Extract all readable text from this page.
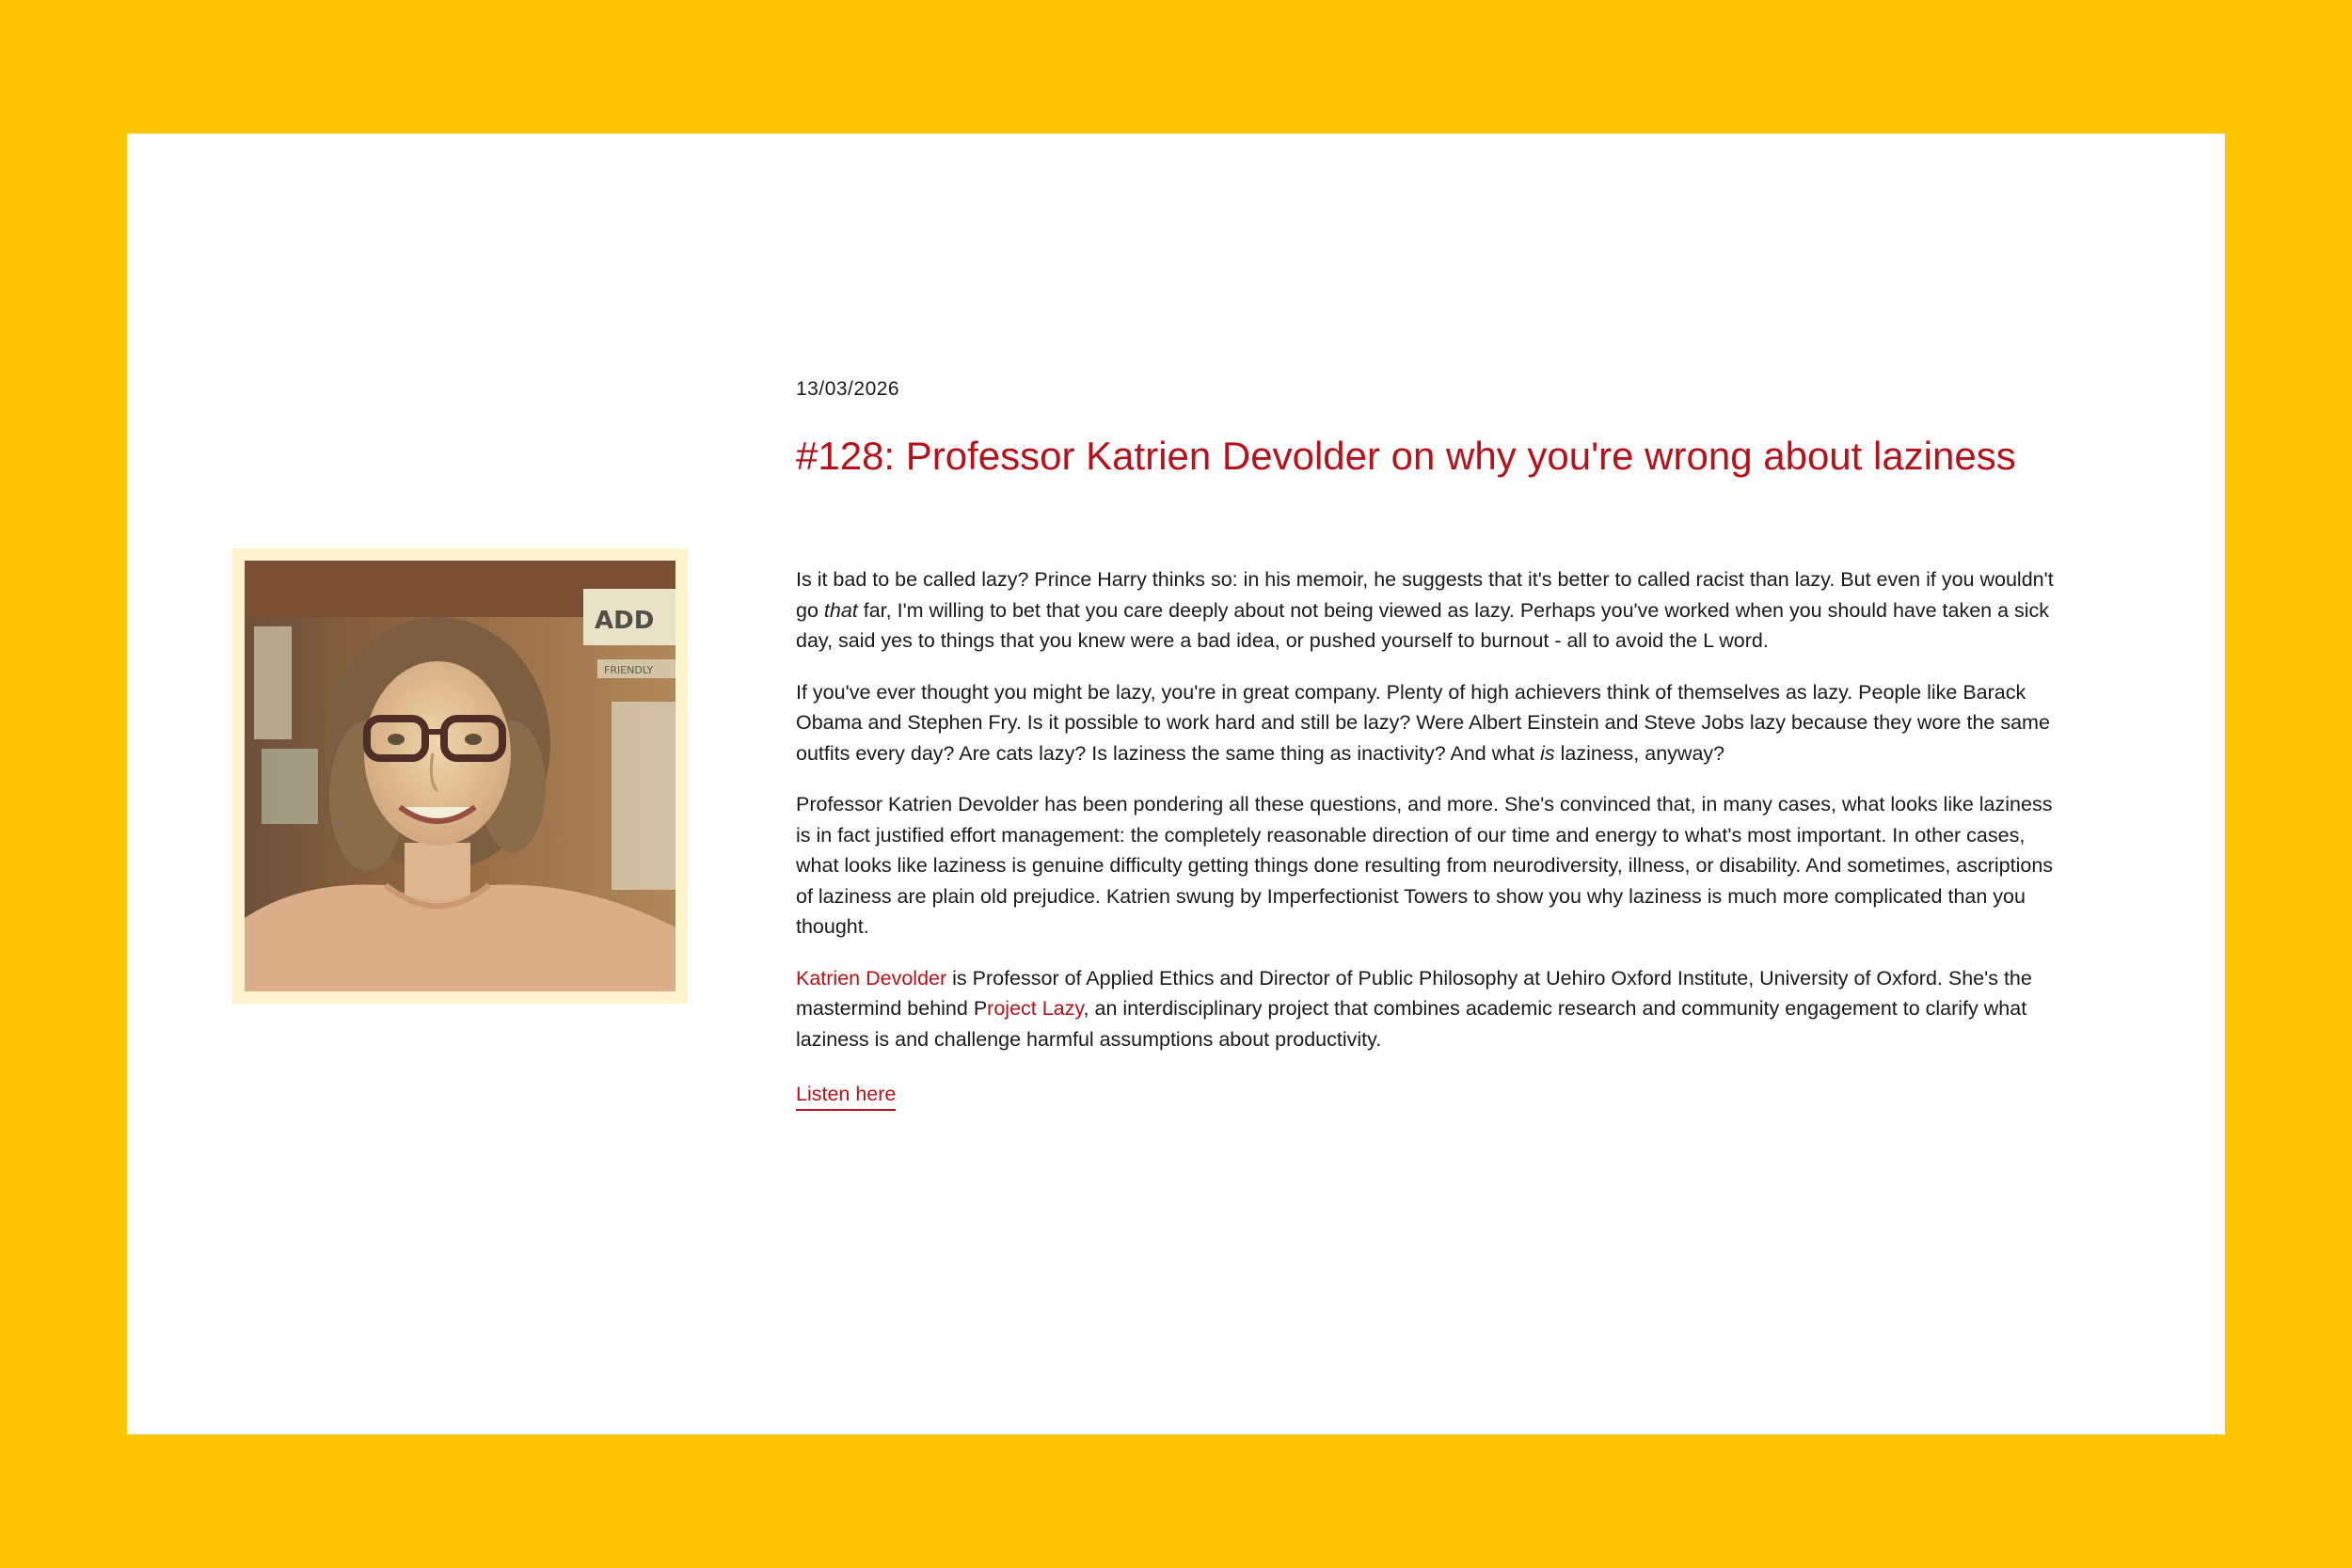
ADD
FRIENDLY
13/03/2026
#128: Professor Katrien Devolder on why you're wrong about laziness

Is it bad to be called lazy? Prince Harry thinks so: in his memoir, he suggests that it's better to called racist than lazy. But even if you wouldn't go that far, I'm willing to bet that you care deeply about not being viewed as lazy. Perhaps you've worked when you should have taken a sick day, said yes to things that you knew were a bad idea, or pushed yourself to burnout - all to avoid the L word.

If you've ever thought you might be lazy, you're in great company. Plenty of high achievers think of themselves as lazy. People like Barack Obama and Stephen Fry. Is it possible to work hard and still be lazy? Were Albert Einstein and Steve Jobs lazy because they wore the same outfits every day? Are cats lazy? Is laziness the same thing as inactivity? And what is laziness, anyway?

Professor Katrien Devolder has been pondering all these questions, and more. She's convinced that, in many cases, what looks like laziness is in fact justified effort management: the completely reasonable direction of our time and energy to what's most important. In other cases, what looks like laziness is genuine difficulty getting things done resulting from neurodiversity, illness, or disability. And sometimes, ascriptions of laziness are plain old prejudice. Katrien swung by Imperfectionist Towers to show you why laziness is much more complicated than you thought.

Katrien Devolder is Professor of Applied Ethics and Director of Public Philosophy at Uehiro Oxford Institute, University of Oxford. She's the mastermind behind Project Lazy, an interdisciplinary project that combines academic research and community engagement to clarify what laziness is and challenge harmful assumptions about productivity.

Listen here
